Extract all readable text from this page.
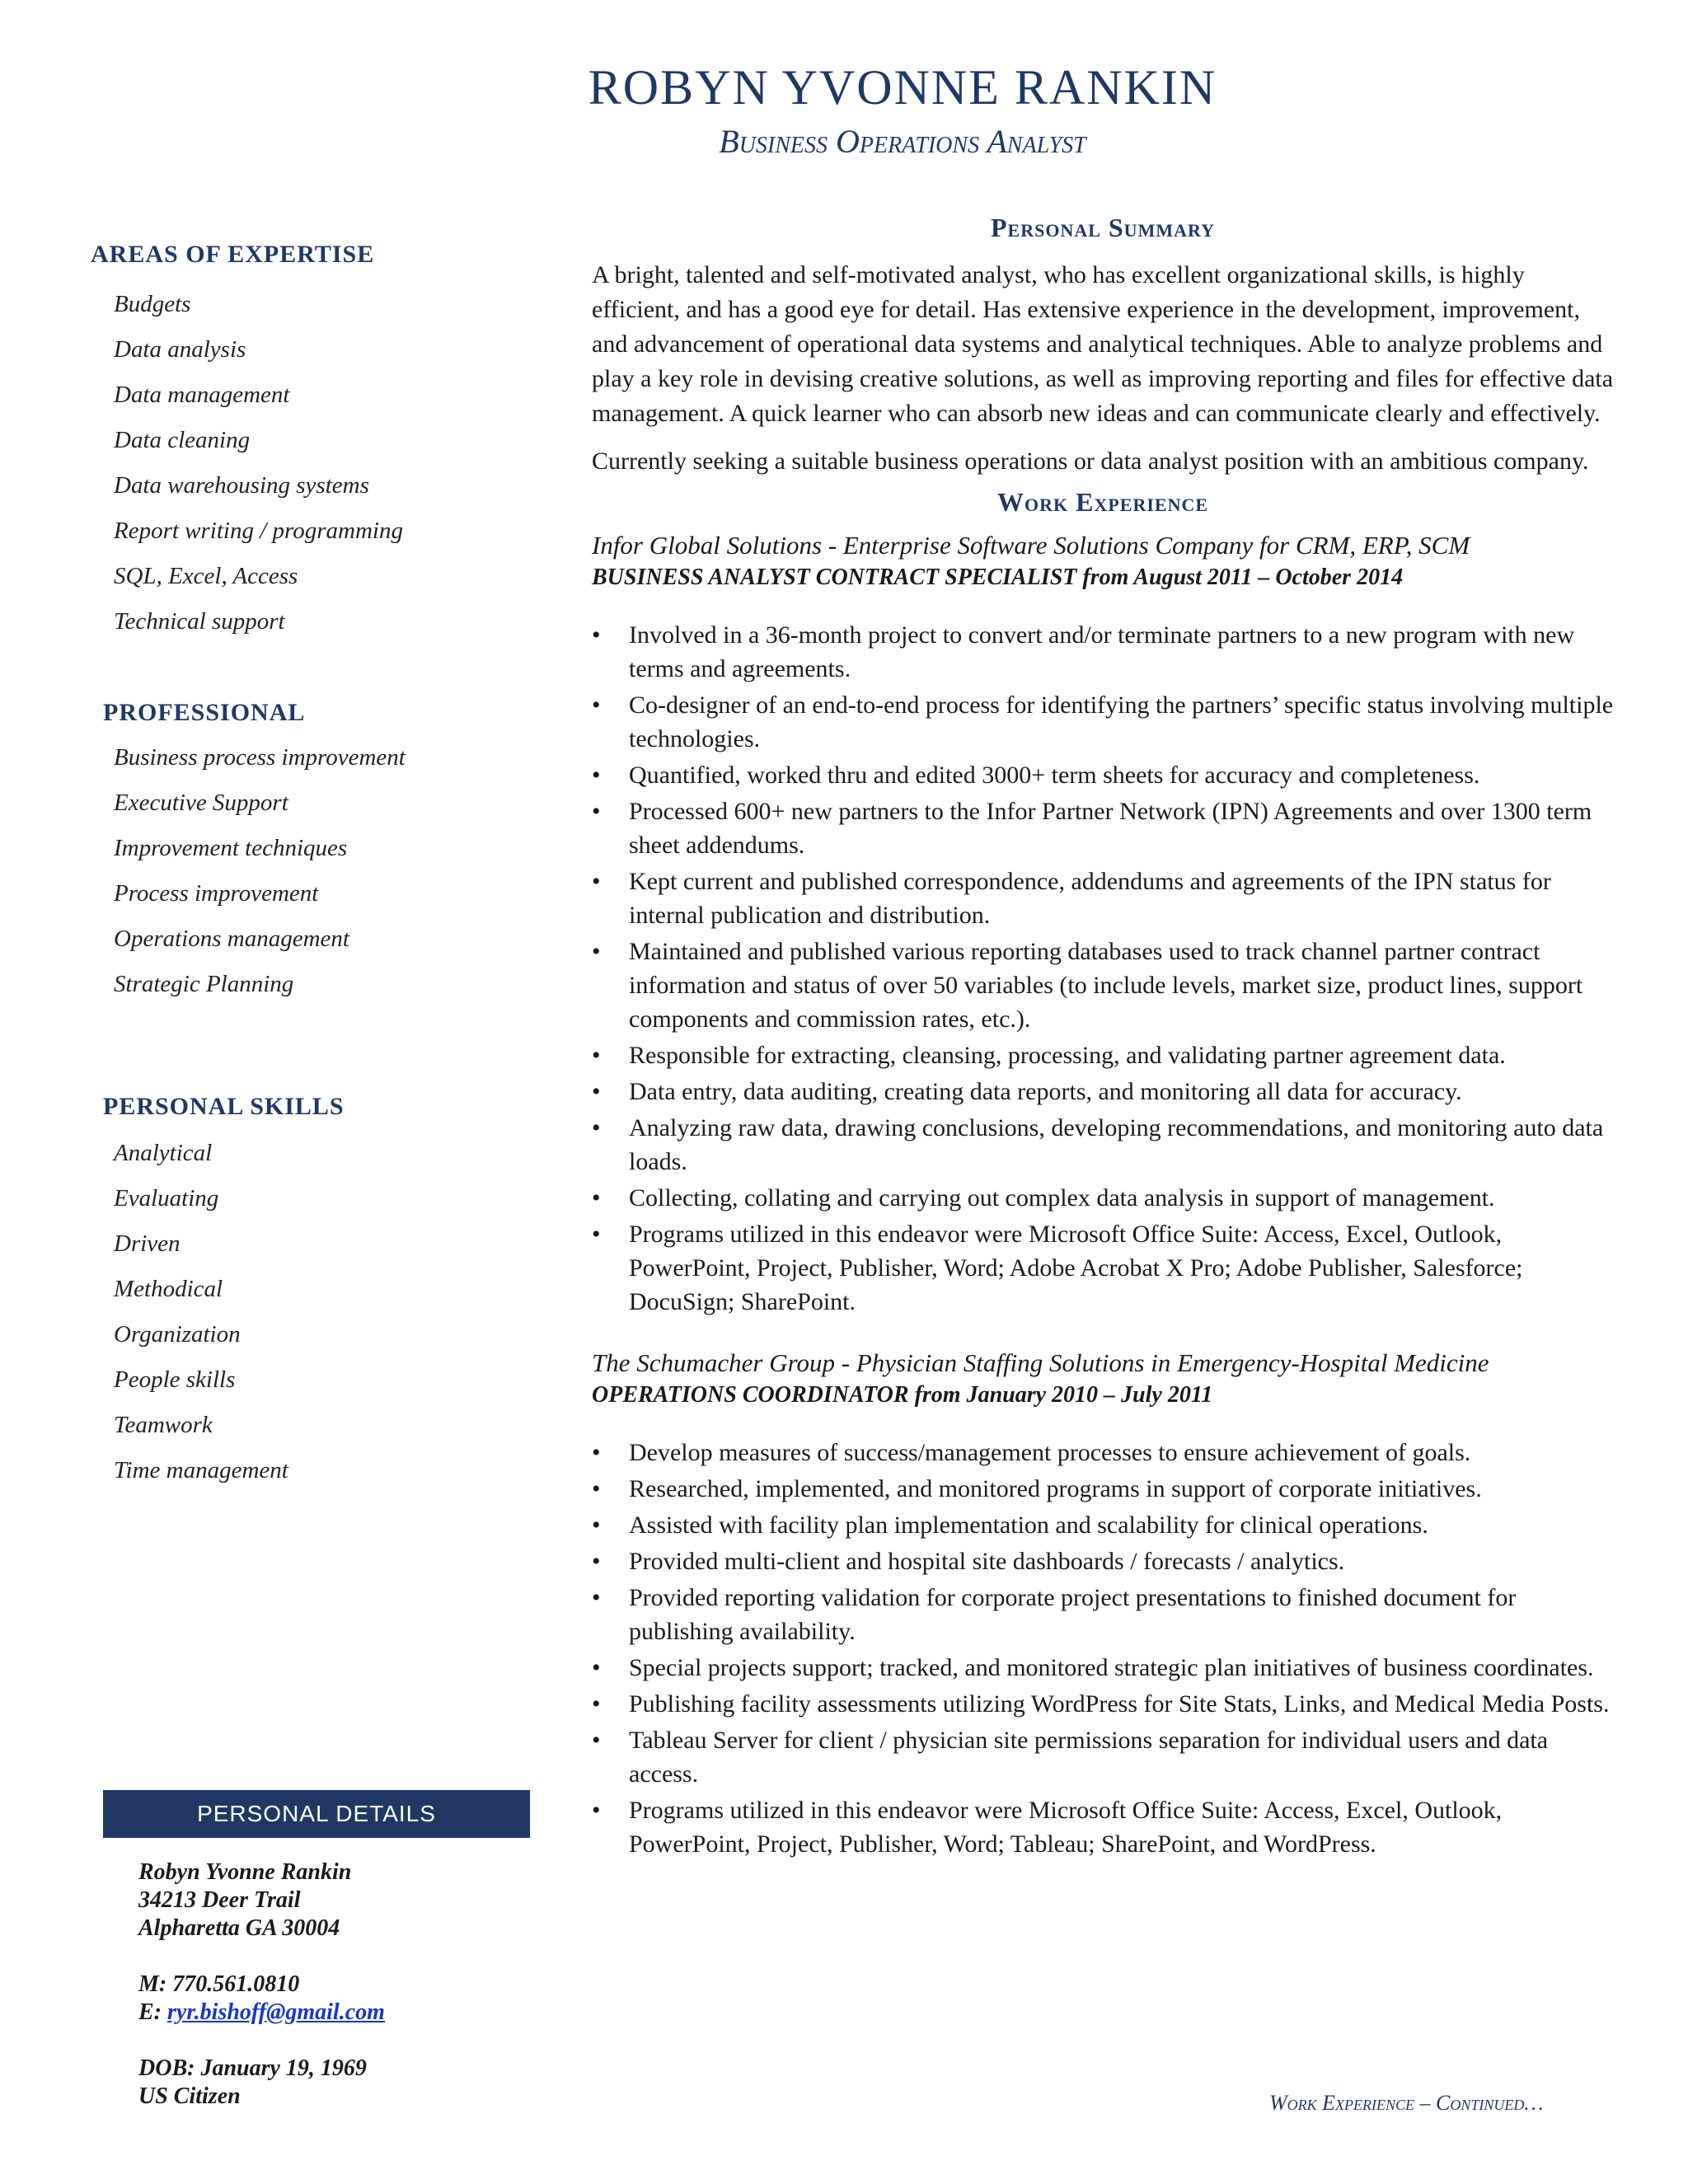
ROBYN YVONNE RANKIN
Business Operations Analyst
AREAS OF EXPERTISE
Budgets
Data analysis
Data management
Data cleaning
Data warehousing systems
Report writing / programming
SQL, Excel, Access
Technical support
PROFESSIONAL
Business process improvement
Executive Support
Improvement techniques
Process improvement
Operations management
Strategic Planning
PERSONAL SKILLS
Analytical
Evaluating
Driven
Methodical
Organization
People skills
Teamwork
Time management
PERSONAL DETAILS
Robyn Yvonne Rankin
34213 Deer Trail
Alpharetta GA 30004
M: 770.561.0810
E: ryr.bishoff@gmail.com
DOB: January 19, 1969
US Citizen
Personal Summary

A bright, talented and self-motivated analyst, who has excellent organizational skills, is highly efficient, and has a good eye for detail. Has extensive experience in the development, improvement, and advancement of operational data systems and analytical techniques. Able to analyze problems and play a key role in devising creative solutions, as well as improving reporting and files for effective data management. A quick learner who can absorb new ideas and can communicate clearly and effectively.

Currently seeking a suitable business operations or data analyst position with an ambitious company.

Work Experience
Infor Global Solutions - Enterprise Software Solutions Company for CRM, ERP, SCM
BUSINESS ANALYST CONTRACT SPECIALIST from August 2011 – October 2014
• Involved in a 36-month project to convert and/or terminate partners to a new program with new terms and agreements.
• Co-designer of an end-to-end process for identifying the partners’ specific status involving multiple technologies.
• Quantified, worked thru and edited 3000+ term sheets for accuracy and completeness.
• Processed 600+ new partners to the Infor Partner Network (IPN) Agreements and over 1300 term sheet addendums.
• Kept current and published correspondence, addendums and agreements of the IPN status for internal publication and distribution.
• Maintained and published various reporting databases used to track channel partner contract information and status of over 50 variables (to include levels, market size, product lines, support components and commission rates, etc.).
• Responsible for extracting, cleansing, processing, and validating partner agreement data.
• Data entry, data auditing, creating data reports, and monitoring all data for accuracy.
• Analyzing raw data, drawing conclusions, developing recommendations, and monitoring auto data loads.
• Collecting, collating and carrying out complex data analysis in support of management.
• Programs utilized in this endeavor were Microsoft Office Suite: Access, Excel, Outlook, PowerPoint, Project, Publisher, Word; Adobe Acrobat X Pro; Adobe Publisher, Salesforce; DocuSign; SharePoint.
The Schumacher Group - Physician Staffing Solutions in Emergency-Hospital Medicine
OPERATIONS COORDINATOR from January 2010 – July 2011
• Develop measures of success/management processes to ensure achievement of goals.
• Researched, implemented, and monitored programs in support of corporate initiatives.
• Assisted with facility plan implementation and scalability for clinical operations.
• Provided multi-client and hospital site dashboards / forecasts / analytics.
• Provided reporting validation for corporate project presentations to finished document for publishing availability.
• Special projects support; tracked, and monitored strategic plan initiatives of business coordinates.
• Publishing facility assessments utilizing WordPress for Site Stats, Links, and Medical Media Posts.
• Tableau Server for client / physician site permissions separation for individual users and data access.
• Programs utilized in this endeavor were Microsoft Office Suite: Access, Excel, Outlook, PowerPoint, Project, Publisher, Word; Tableau; SharePoint, and WordPress.
Work Experience – Continued…
